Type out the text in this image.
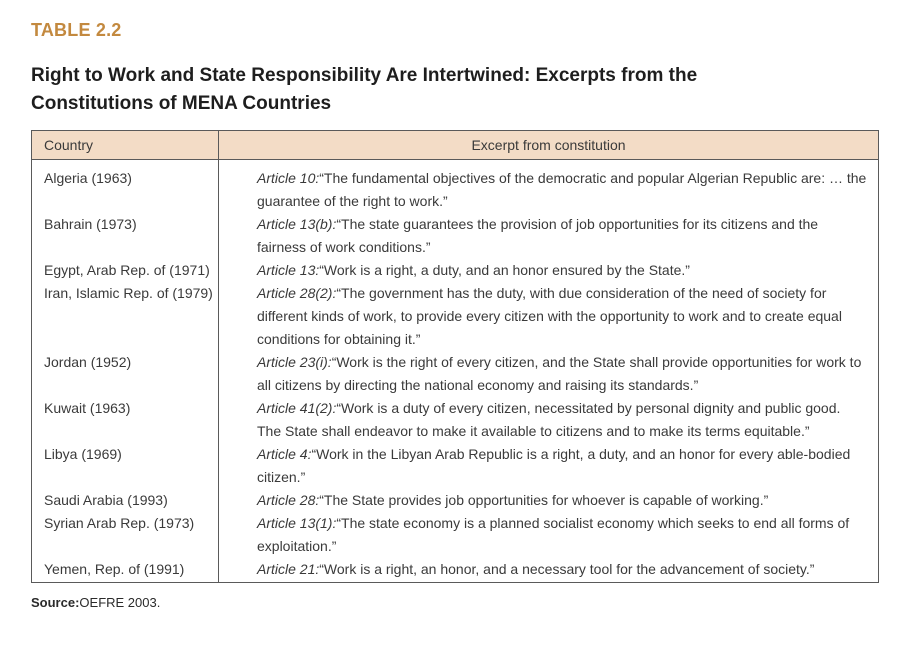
TABLE 2.2
Right to Work and State Responsibility Are Intertwined: Excerpts from the
Constitutions of MENA Countries
Country	Excerpt from constitution
Algeria (1963)	Article 10:“The fundamental objectives of the democratic and popular Algerian Republic are: … the guarantee of the right to work.”
Bahrain (1973)	Article 13(b):“The state guarantees the provision of job opportunities for its citizens and the fairness of work conditions.”
Egypt, Arab Rep. of (1971)	Article 13:“Work is a right, a duty, and an honor ensured by the State.”
Iran, Islamic Rep. of (1979)	Article 28(2):“The government has the duty, with due consideration of the need of society for different kinds of work, to provide every citizen with the opportunity to work and to create equal conditions for obtaining it.”
Jordan (1952)	Article 23(i):“Work is the right of every citizen, and the State shall provide opportunities for work to all citizens by directing the national economy and raising its standards.”
Kuwait (1963)	Article 41(2):“Work is a duty of every citizen, necessitated by personal dignity and public good. The State shall endeavor to make it available to citizens and to make its terms equitable.”
Libya (1969)	Article 4:“Work in the Libyan Arab Republic is a right, a duty, and an honor for every able-bodied citizen.”
Saudi Arabia (1993)	Article 28:“The State provides job opportunities for whoever is capable of working.”
Syrian Arab Rep. (1973)	Article 13(1):“The state economy is a planned socialist economy which seeks to end all forms of exploitation.”
Yemen, Rep. of (1991)	Article 21:“Work is a right, an honor, and a necessary tool for the advancement of society.”
Source:OEFRE 2003.
